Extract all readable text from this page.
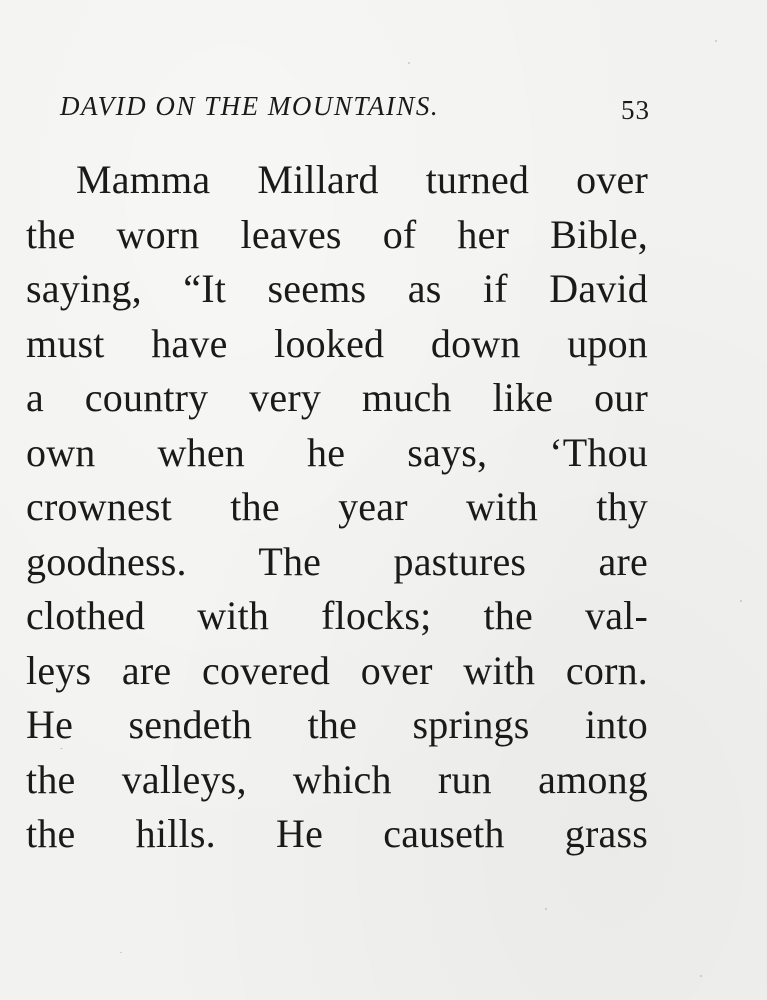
DAVID ON THE MOUNTAINS.	53
Mamma Millard turned over
the worn leaves of her Bible,
saying, “It seems as if David
must have looked down upon
a country very much like our
own when he says, ‘Thou
crownest the year with thy
goodness. The pastures are
clothed with flocks; the val-
leys are covered over with corn.
He sendeth the springs into
the valleys, which run among
the hills. He causeth grass
